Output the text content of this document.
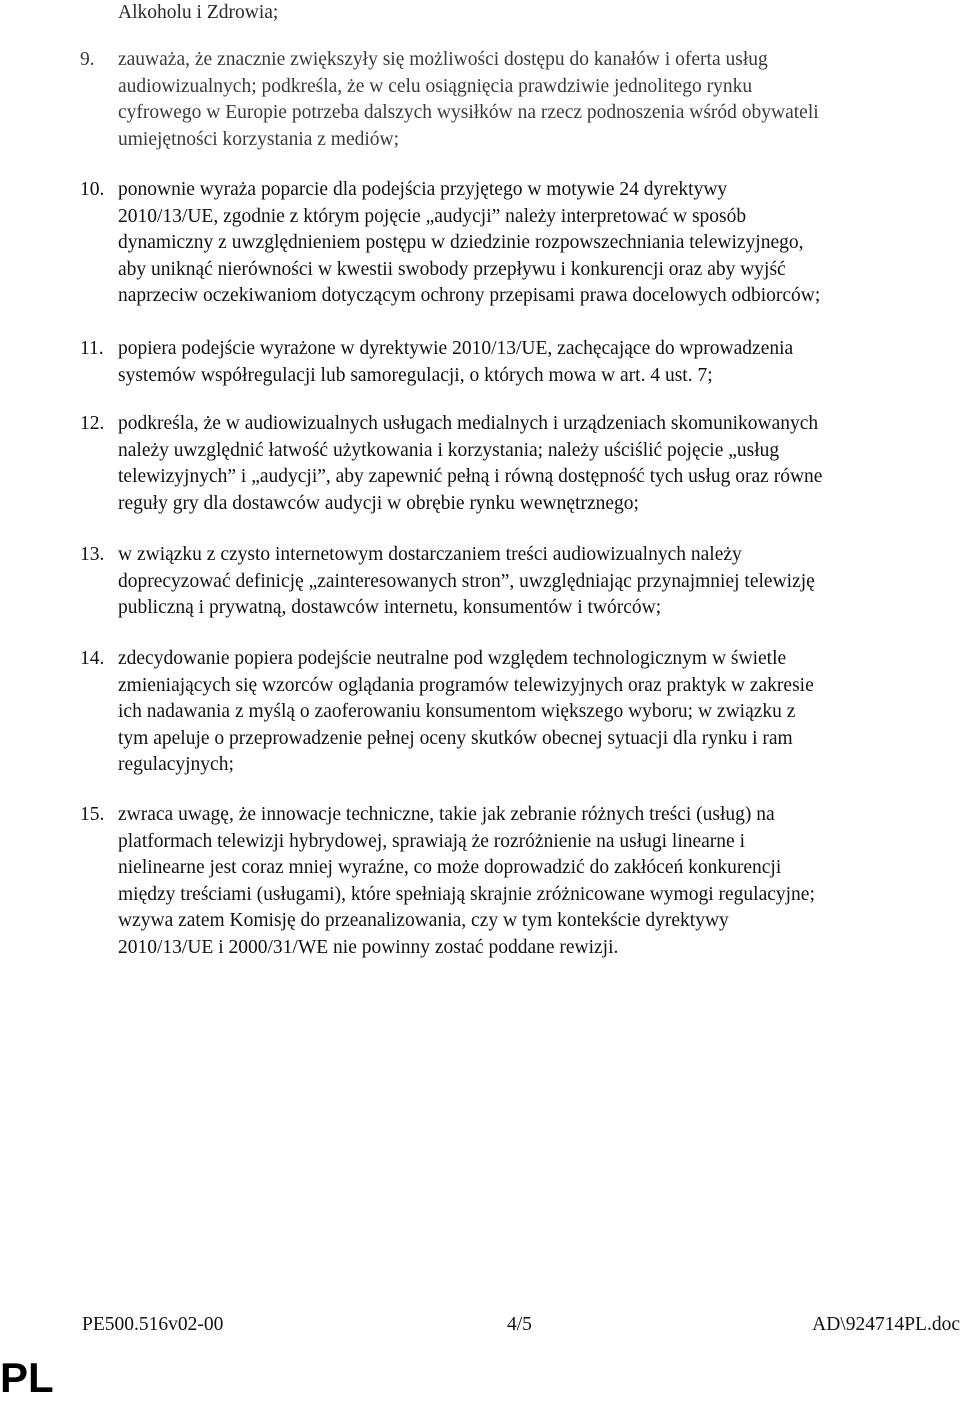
Alkoholu i Zdrowia;

9.	zauważa, że znacznie zwiększyły się możliwości dostępu do kanałów i oferta usług
audiowizualnych; podkreśla, że w celu osiągnięcia prawdziwie jednolitego rynku
cyfrowego w Europie potrzeba dalszych wysiłków na rzecz podnoszenia wśród obywateli
umiejętności korzystania z mediów;
10. ponownie wyraża poparcie dla podejścia przyjętego w motywie 24 dyrektywy
2010/13/UE, zgodnie z którym pojęcie „audycji” należy interpretować w sposób
dynamiczny z uwzględnieniem postępu w dziedzinie rozpowszechniania telewizyjnego,
aby uniknąć nierówności w kwestii swobody przepływu i konkurencji oraz aby wyjść
naprzeciw oczekiwaniom dotyczącym ochrony przepisami prawa docelowych odbiorców;
11. popiera podejście wyrażone w dyrektywie 2010/13/UE, zachęcające do wprowadzenia
systemów współregulacji lub samoregulacji, o których mowa w art. 4 ust. 7;
12. podkreśla, że w audiowizualnych usługach medialnych i urządzeniach skomunikowanych
należy uwzględnić łatwość użytkowania i korzystania; należy uściślić pojęcie „usług
telewizyjnych” i „audycji”, aby zapewnić pełną i równą dostępność tych usług oraz równe
reguły gry dla dostawców audycji w obrębie rynku wewnętrznego;
13. w związku z czysto internetowym dostarczaniem treści audiowizualnych należy
doprecyzować definicję „zainteresowanych stron”, uwzględniając przynajmniej telewizję
publiczną i prywatną, dostawców internetu, konsumentów i twórców;
14. zdecydowanie popiera podejście neutralne pod względem technologicznym w świetle
zmieniających się wzorców oglądania programów telewizyjnych oraz praktyk w zakresie
ich nadawania z myślą o zaoferowaniu konsumentom większego wyboru; w związku z
tym apeluje o przeprowadzenie pełnej oceny skutków obecnej sytuacji dla rynku i ram
regulacyjnych;
15. zwraca uwagę, że innowacje techniczne, takie jak zebranie różnych treści (usług) na
platformach telewizji hybrydowej, sprawiają że rozróżnienie na usługi linearne i
nielinearne jest coraz mniej wyraźne, co może doprowadzić do zakłóceń konkurencji
między treściami (usługami), które spełniają skrajnie zróżnicowane wymogi regulacyjne;
wzywa zatem Komisję do przeanalizowania, czy w tym kontekście dyrektywy
2010/13/UE i 2000/31/WE nie powinny zostać poddane rewizji.
PE500.516v02-00	4/5	AD\924714PL.doc
PL
